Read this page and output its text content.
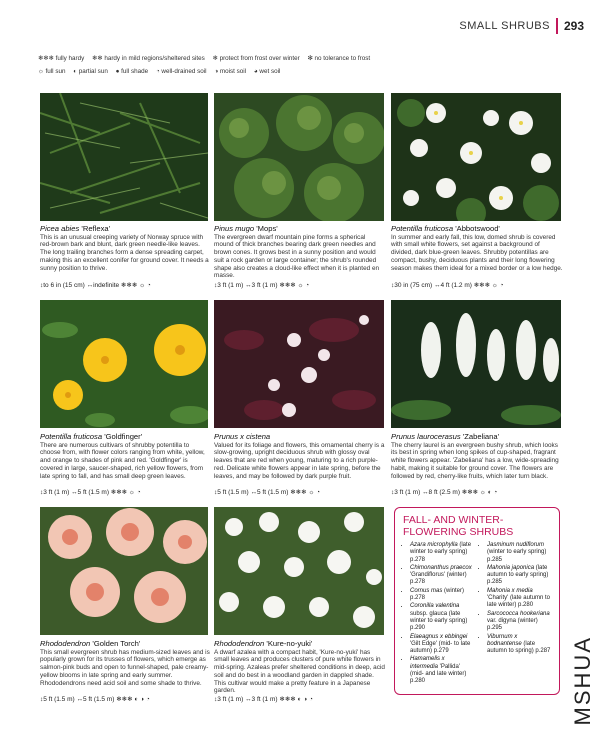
SMALL SHRUBS 293
❄❄❄ fully hardy ❄❄ hardy in mild regions/sheltered sites ❄ protect from frost over winter ✻ no tolerance to frost
☼ full sun ◐ partial sun ● full shade ◔ well-drained soil ◑ moist soil ◕ wet soil
Picea abies 'Reflexa'
This is an unusual creeping variety of Norway spruce with red-brown bark and blunt, dark green needle-like leaves. The long trailing branches form a dense spreading carpet, making this an excellent conifer for ground cover. It needs a sunny position to thrive.
↕to 6 in (15 cm) ↔indefinite ❄❄❄ ☼ ◔
Pinus mugo 'Mops'
The evergreen dwarf mountain pine forms a spherical mound of thick branches bearing dark green needles and brown cones. It grows best in a sunny position and would suit a rock garden or large container; the shrub's rounded shape also creates a cloud-like effect when it is planted en masse.
↕3 ft (1 m) ↔3 ft (1 m) ❄❄❄ ☼ ◔
Potentilla fruticosa 'Abbotswood'
In summer and early fall, this low, domed shrub is covered with small white flowers, set against a background of divided, dark blue-green leaves. Shrubby potentillas are compact, bushy, deciduous plants and their long flowering season makes them ideal for a mixed border or a low hedge.
↕30 in (75 cm) ↔4 ft (1.2 m) ❄❄❄ ☼ ◔
Potentilla fruticosa 'Goldfinger'
There are numerous cultivars of shrubby potentilla to choose from, with flower colors ranging from white, yellow, and orange to shades of pink and red. 'Goldfinger' is covered in large, saucer-shaped, rich yellow flowers, from late spring to fall, and has small deep green leaves.
↕3 ft (1 m) ↔5 ft (1.5 m) ❄❄❄ ☼ ◔
Prunus x cistena
Valued for its foliage and flowers, this ornamental cherry is a slow-growing, upright deciduous shrub with glossy oval leaves that are red when young, maturing to a rich purple-red. Delicate white flowers appear in late spring, before the leaves, and may be followed by dark purple fruit.
↕5 ft (1.5 m) ↔5 ft (1.5 m) ❄❄❄ ☼ ◔
Prunus laurocerasus 'Zabeliana'
The cherry laurel is an evergreen bushy shrub, which looks its best in spring when long spikes of cup-shaped, fragrant white flowers appear. 'Zabeliana' has a low, wide-spreading habit, making it suitable for ground cover. The flowers are followed by red, cherry-like fruits, which later turn black.
↕3 ft (1 m) ↔8 ft (2.5 m) ❄❄❄ ☼ ◐ ◔
Rhododendron 'Golden Torch'
This small evergreen shrub has medium-sized leaves and is popularly grown for its trusses of flowers, which emerge as salmon-pink buds and open to funnel-shaped, pale creamy-yellow blooms in late spring and early summer. Rhododendrons need acid soil and some shade to thrive.
↕5 ft (1.5 m) ↔5 ft (1.5 m) ❄❄❄ ◐ ◑ ◔
Rhododendron 'Kure-no-yuki'
A dwarf azalea with a compact habit, 'Kure-no-yuki' has small leaves and produces clusters of pure white flowers in mid-spring. Azaleas prefer sheltered conditions in deep, acid soil and do best in a woodland garden in dappled shade. This cultivar would make a pretty feature in a Japanese garden.
↕3 ft (1 m) ↔3 ft (1 m) ❄❄❄ ◐ ◑ ◔
FALL- AND WINTER-FLOWERING SHRUBS
• Azara microphylla (late winter to early spring) p.278
• Chimonanthus praecox 'Grandiflorus' (winter) p.278
• Cornus mas (winter) p.278
• Coronilla valentina subsp. glauca (late winter to early spring) p.290
• Elaeagnus x ebbingei 'Gilt Edge' (mid- to late autumn) p.279
• Hamamelis x intermedia 'Pallida' (mid- and late winter) p.280
• Jasminum nudiflorum (winter to early spring) p.285
• Mahonia japonica (late autumn to early spring) p.285
• Mahonia x media 'Charity' (late autumn to late winter) p.280
• Sarcococca hookeriana var. digyna (winter) p.295
• Viburnum x bodnantense (late autumn to spring) p.287 MSHUA
